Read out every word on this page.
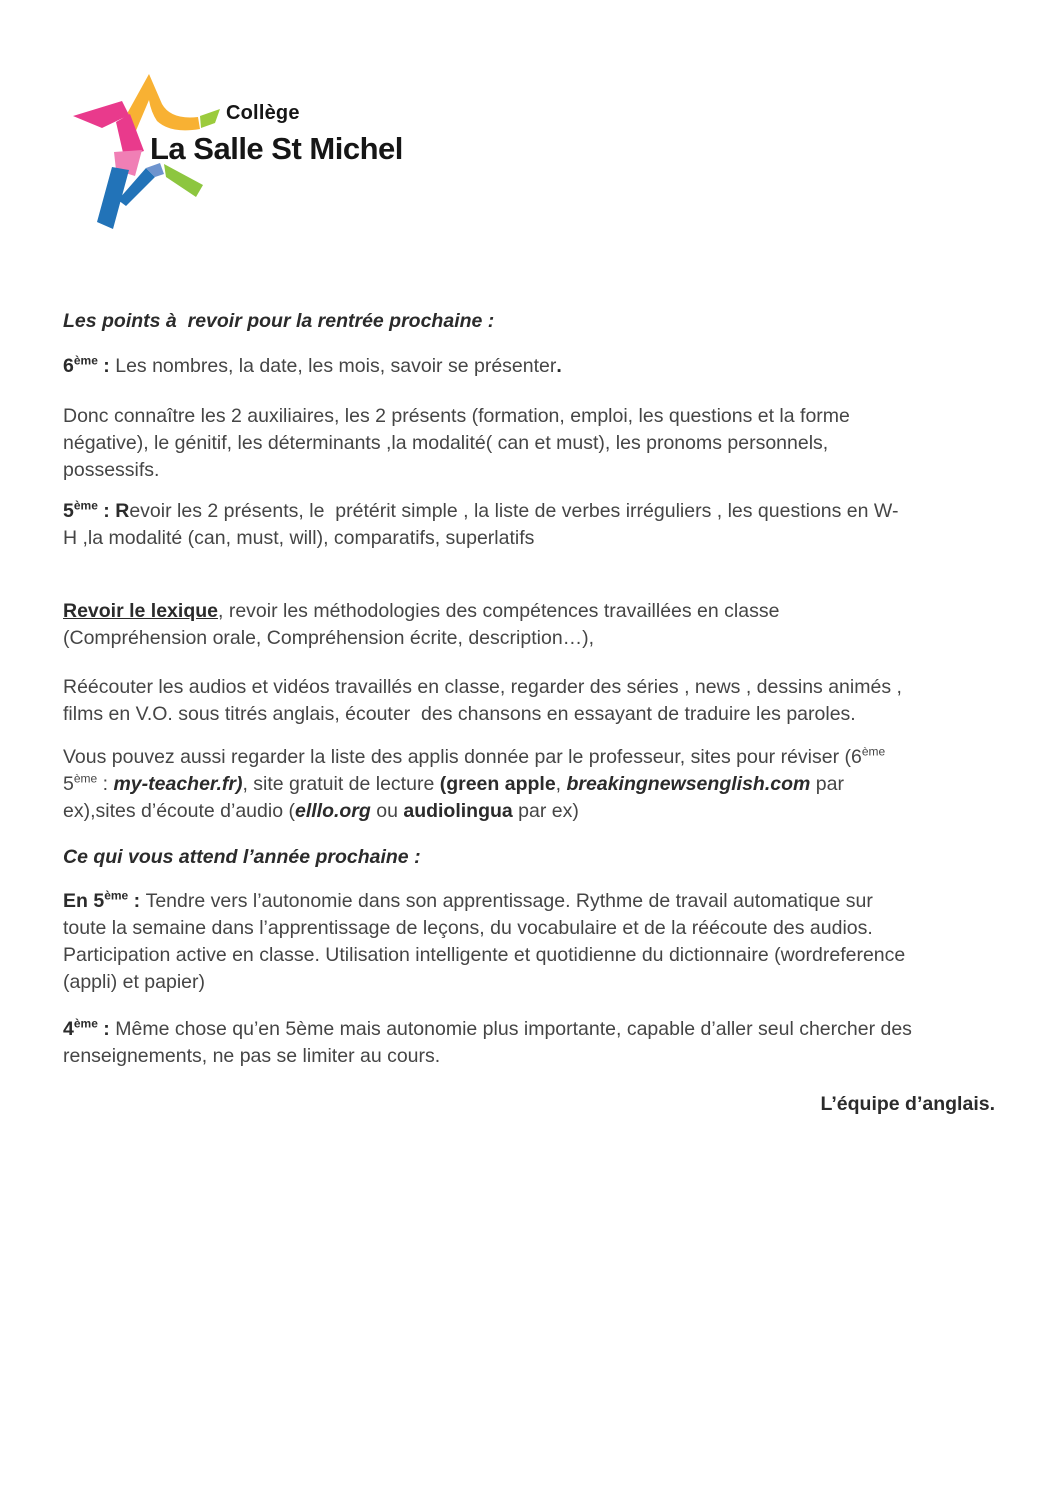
Collège
La Salle St Michel

Les points à  revoir pour la rentrée prochaine :

6ème : Les nombres, la date, les mois, savoir se présenter.

Donc connaître les 2 auxiliaires, les 2 présents (formation, emploi, les questions et la forme
négative), le génitif, les déterminants ,la modalité( can et must), les pronoms personnels,
possessifs.

5ème : Revoir les 2 présents, le  prétérit simple , la liste de verbes irréguliers , les questions en W-
H ,la modalité (can, must, will), comparatifs, superlatifs

Revoir le lexique, revoir les méthodologies des compétences travaillées en classe
(Compréhension orale, Compréhension écrite, description…),

Réécouter les audios et vidéos travaillés en classe, regarder des séries , news , dessins animés ,
films en V.O. sous titrés anglais, écouter  des chansons en essayant de traduire les paroles.

Vous pouvez aussi regarder la liste des applis donnée par le professeur, sites pour réviser (6ème
5ème : my-teacher.fr), site gratuit de lecture (green apple, breakingnewsenglish.com par
ex),sites d’écoute d’audio (elllo.org ou audiolingua par ex)

Ce qui vous attend l’année prochaine :

En 5ème : Tendre vers l’autonomie dans son apprentissage. Rythme de travail automatique sur
toute la semaine dans l’apprentissage de leçons, du vocabulaire et de la réécoute des audios.
Participation active en classe. Utilisation intelligente et quotidienne du dictionnaire (wordreference
(appli) et papier)

4ème : Même chose qu’en 5ème mais autonomie plus importante, capable d’aller seul chercher des
renseignements, ne pas se limiter au cours.

L’équipe d’anglais.
